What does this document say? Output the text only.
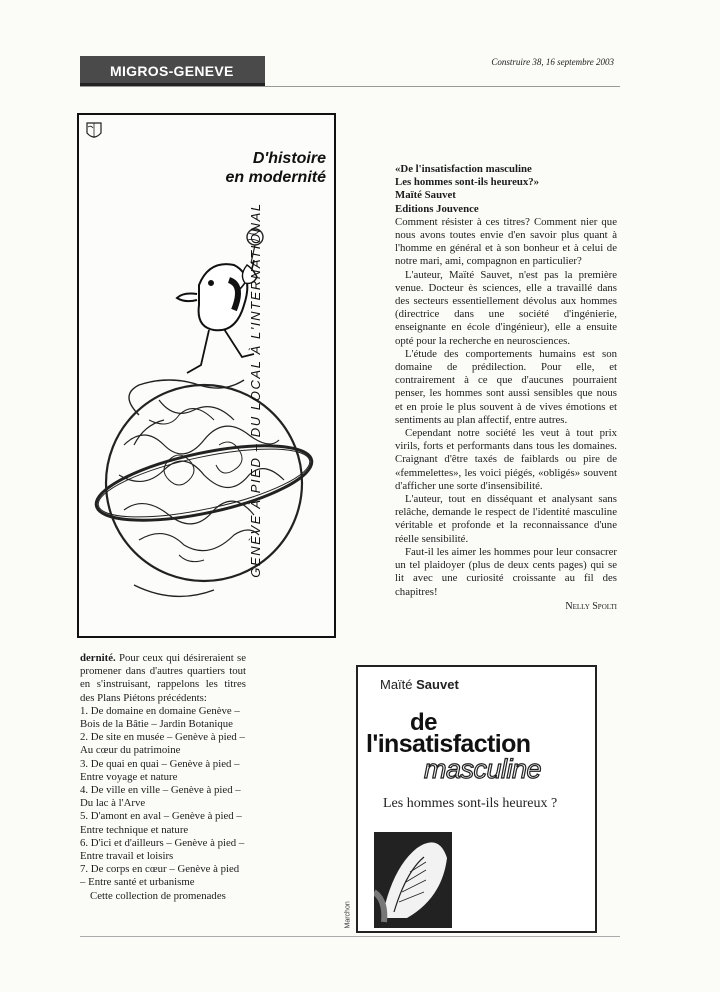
MIGROS-GENEVE
Construire 38, 16 septembre 2003
D'histoire
en modernité
GENÈVE À PIED – DU LOCAL À L'INTERNATIONAL
«De l'insatisfaction masculine
Les hommes sont-ils heureux?»
Maïté Sauvet
Editions Jouvence

Comment résister à ces titres? Comment nier que nous avons toutes envie d'en savoir plus quant à l'homme en général et à son bonheur et à celui de notre mari, ami, compagnon en particulier?

L'auteur, Maïté Sauvet, n'est pas la première venue. Docteur ès sciences, elle a travaillé dans des secteurs essentiellement dévolus aux hommes (directrice dans une société d'ingénierie, enseignante en école d'ingénieur), elle a ensuite opté pour la recherche en neurosciences.

L'étude des comportements humains est son domaine de prédilection. Pour elle, et contrairement à ce que d'aucunes pourraient penser, les hommes sont aussi sensibles que nous et en proie le plus souvent à de vives émotions et sentiments au plan affectif, entre autres.

Cependant notre société les veut à tout prix virils, forts et performants dans tous les domaines. Craignant d'être taxés de faiblards ou pire de «femmelettes», les voici piégés, «obligés» souvent d'afficher une sorte d'insensibilité.

L'auteur, tout en disséquant et analysant sans relâche, demande le respect de l'identité masculine véritable et profonde et la reconnaissance d'une réelle sensibilité.

Faut-il les aimer les hommes pour leur consacrer un tel plaidoyer (plus de deux cents pages) qui se lit avec une curiosité croissante au fil des chapitres!

Nelly Spolti

dernité. Pour ceux qui désireraient se promener dans d'autres quartiers tout en s'instruisant, rappelons les titres des Plans Piétons précédents:

1. De domaine en domaine Genève – Bois de la Bâtie – Jardin Botanique
2. De site en musée – Genève à pied – Au cœur du patrimoine
3. De quai en quai – Genève à pied – Entre voyage et nature
4. De ville en ville – Genève à pied – Du lac à l'Arve
5. D'amont en aval – Genève à pied – Entre technique et nature
6. D'ici et d'ailleurs – Genève à pied – Entre travail et loisirs
7. De corps en cœur – Genève à pied – Entre santé et urbanisme

Cette collection de promenades

Maïté Sauvet
de
l'insatisfaction
masculine
Les hommes sont-ils heureux ?
Marchon
